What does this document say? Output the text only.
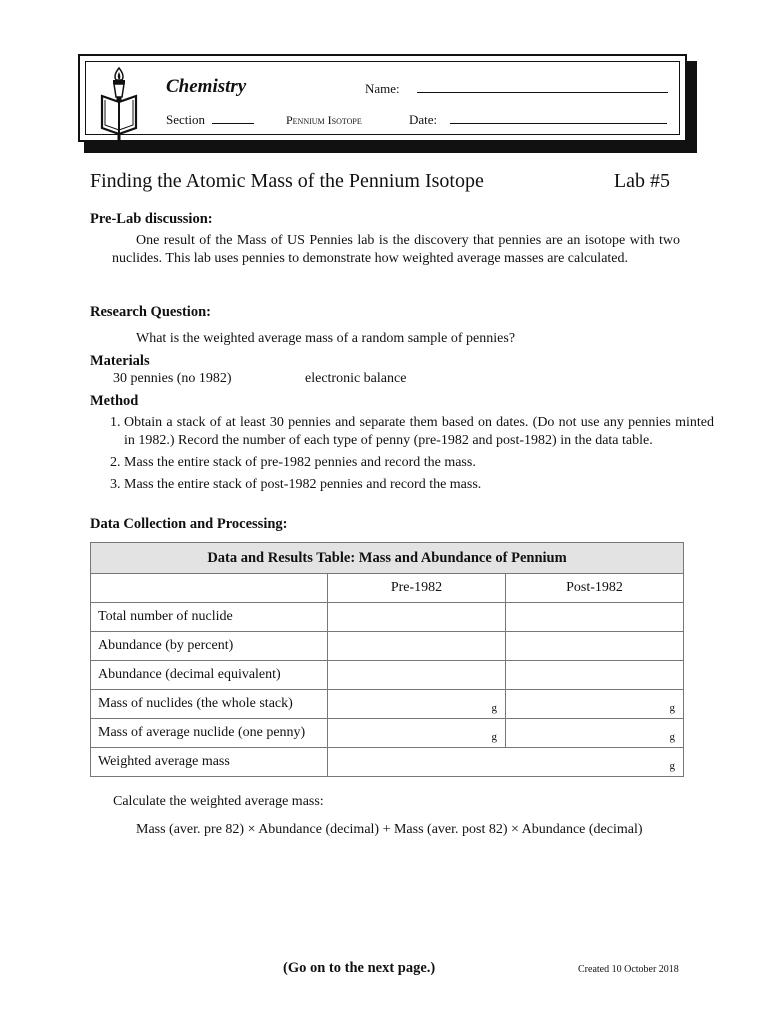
Chemistry	Name:
Section	Pennium Isotope	Date:
Finding the Atomic Mass of the Pennium Isotope	Lab #5
Pre-Lab discussion:
One result of the Mass of US Pennies lab is the discovery that pennies are an isotope with two nuclides. This lab uses pennies to demonstrate how weighted average masses are calculated.
Research Question:
What is the weighted average mass of a random sample of pennies?
Materials
30 pennies (no 1982)	electronic balance
Method
1. Obtain a stack of at least 30 pennies and separate them based on dates. (Do not use any pennies minted in 1982.) Record the number of each type of penny (pre-1982 and post-1982) in the data table.
2. Mass the entire stack of pre-1982 pennies and record the mass.
3. Mass the entire stack of post-1982 pennies and record the mass.
Data Collection and Processing:
Data and Results Table: Mass and Abundance of Pennium		
	Pre-1982	Post-1982
Total number of nuclide		
Abundance (by percent)		
Abundance (decimal equivalent)		
Mass of nuclides (the whole stack)	g	g
Mass of average nuclide (one penny)	g	g
Weighted average mass	g	
Calculate the weighted average mass:
Mass (aver. pre 82) × Abundance (decimal) + Mass (aver. post 82) × Abundance (decimal)
(Go on to the next page.)	Created 10 October 2018
